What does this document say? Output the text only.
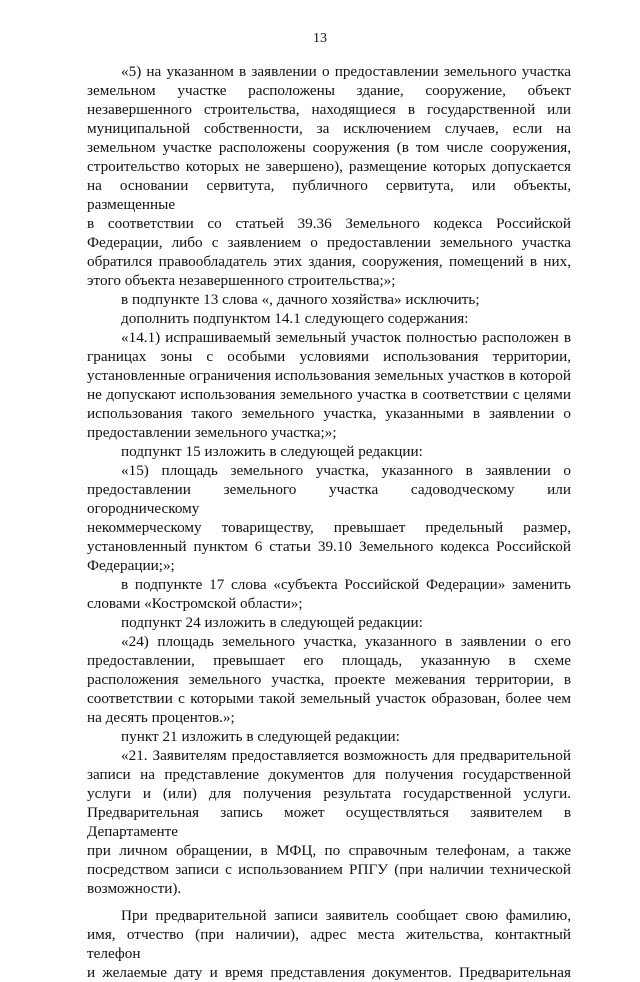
13

«5) на указанном в заявлении о предоставлении земельного участка
земельном участке расположены здание, сооружение, объект
незавершенного строительства, находящиеся в государственной или
муниципальной собственности, за исключением случаев, если на
земельном участке расположены сооружения (в том числе сооружения,
строительство которых не завершено), размещение которых допускается
на основании сервитута, публичного сервитута, или объекты, размещенные
в соответствии со статьей 39.36 Земельного кодекса Российской
Федерации, либо с заявлением о предоставлении земельного участка
обратился правообладатель этих здания, сооружения, помещений в них,
этого объекта незавершенного строительства;»;

в подпункте 13 слова «, дачного хозяйства» исключить;

дополнить подпунктом 14.1 следующего содержания:

«14.1) испрашиваемый земельный участок полностью расположен в
границах зоны с особыми условиями использования территории,
установленные ограничения использования земельных участков в которой
не допускают использования земельного участка в соответствии с целями
использования такого земельного участка, указанными в заявлении о
предоставлении земельного участка;»;

подпункт 15 изложить в следующей редакции:

«15) площадь земельного участка, указанного в заявлении о
предоставлении земельного участка садоводческому или огородническому
некоммерческому товариществу, превышает предельный размер,
установленный пунктом 6 статьи 39.10 Земельного кодекса Российской
Федерации;»;

в подпункте 17 слова «субъекта Российской Федерации» заменить
словами «Костромской области»;

подпункт 24 изложить в следующей редакции:

«24) площадь земельного участка, указанного в заявлении о его
предоставлении, превышает его площадь, указанную в схеме
расположения земельного участка, проекте межевания территории, в
соответствии с которыми такой земельный участок образован, более чем
на десять процентов.»;

пункт 21 изложить в следующей редакции:

«21. Заявителям предоставляется возможность для предварительной
записи на представление документов для получения государственной
услуги и (или) для получения результата государственной услуги.
Предварительная запись может осуществляться заявителем в Департаменте
при личном обращении, в МФЦ, по справочным телефонам, а также
посредством записи с использованием РПГУ (при наличии технической
возможности).

При предварительной записи заявитель сообщает свою фамилию,
имя, отчество (при наличии), адрес места жительства, контактный телефон
и желаемые дату и время представления документов. Предварительная
